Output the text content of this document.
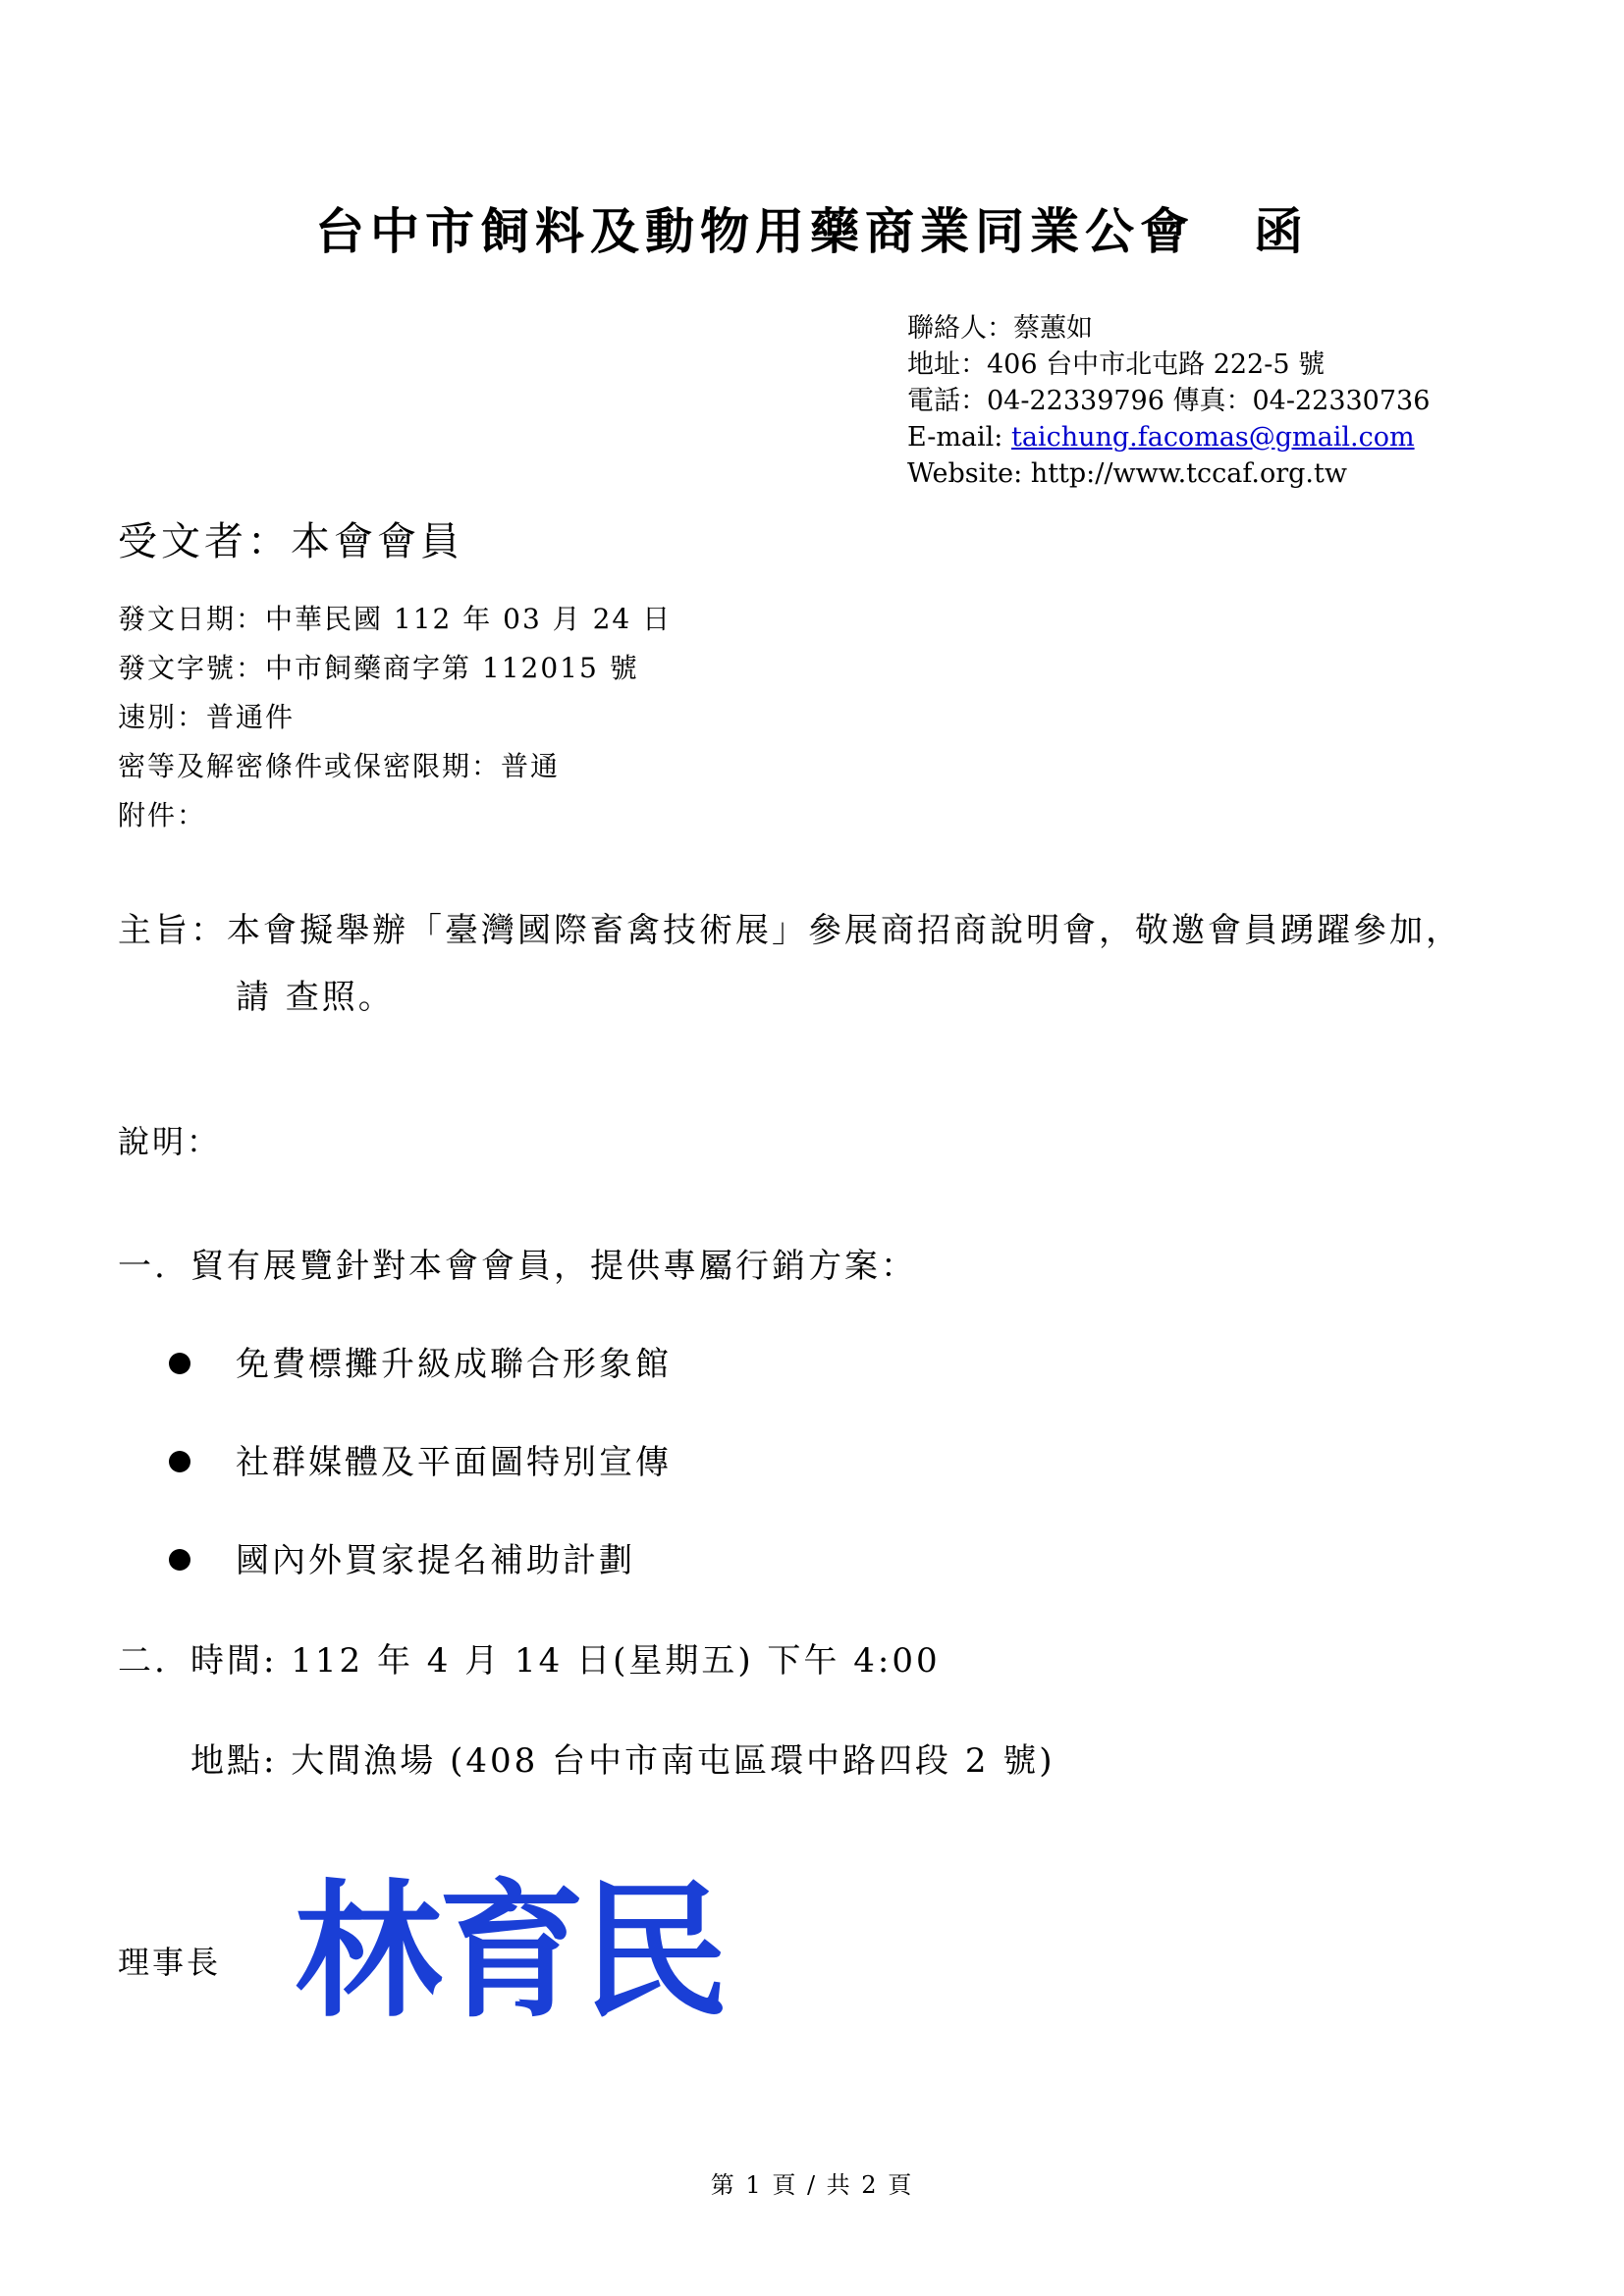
台中市飼料及動物用藥商業同業公會 函
聯絡人：蔡蕙如
地址：406 台中市北屯路 222-5 號
電話：04-22339796 傳真：04-22330736
E-mail: taichung.facomas@gmail.com
Website: http://www.tccaf.org.tw
受文者：本會會員
發文日期：中華民國 112 年 03 月 24 日
發文字號：中市飼藥商字第 112015 號
速別：普通件
密等及解密條件或保密限期：普通
附件：
主旨：本會擬舉辦「臺灣國際畜禽技術展」參展商招商說明會，敬邀會員踴躍參加，
請 查照。
說明：
一. 貿有展覽針對本會會員，提供專屬行銷方案：
免費標攤升級成聯合形象館
社群媒體及平面圖特別宣傳
國內外買家提名補助計劃
二. 時間: 112 年 4 月 14 日(星期五) 下午 4:00
地點: 大間漁場 (408 台中市南屯區環中路四段 2 號)
理事長 林育民
第 1 頁 / 共 2 頁
